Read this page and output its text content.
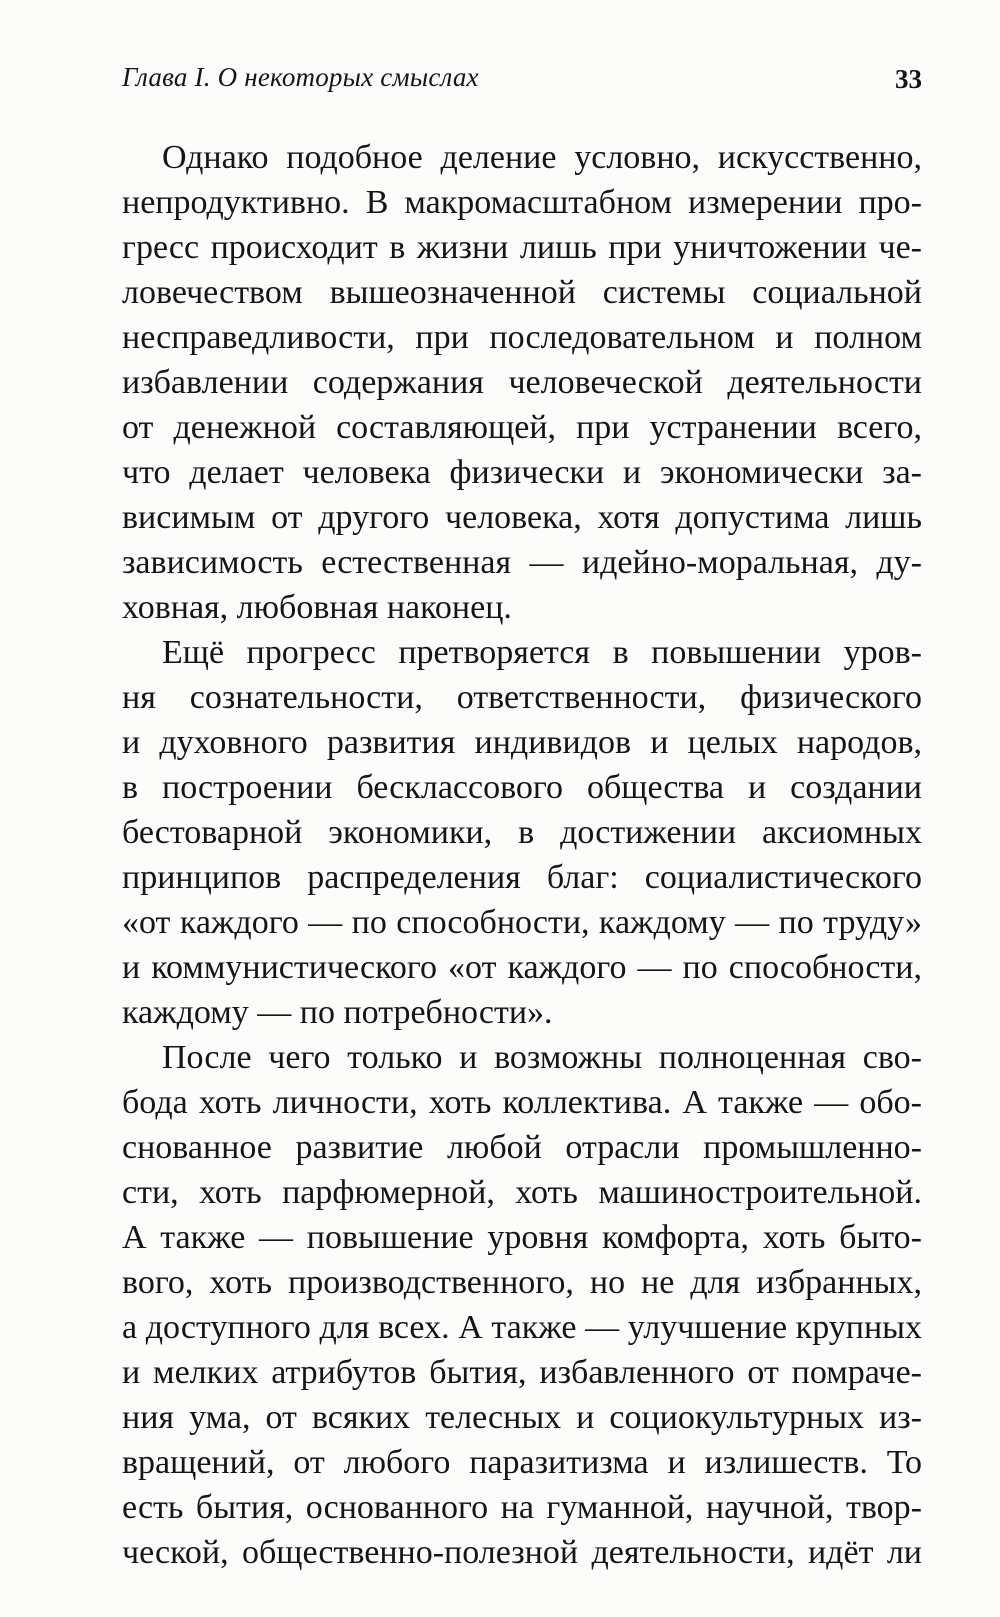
Глава I. О некоторых смыслах	33
Однако подобное деление условно, искусственно,
непродуктивно. В макромасштабном измерении про-
гресс происходит в жизни лишь при уничтожении че-
ловечеством вышеозначенной системы социальной
несправедливости, при последовательном и полном
избавлении содержания человеческой деятельности
от денежной составляющей, при устранении всего,
что делает человека физически и экономически за-
висимым от другого человека, хотя допустима лишь
зависимость естественная — идейно-моральная, ду-
ховная, любовная наконец.
Ещё прогресс претворяется в повышении уров-
ня сознательности, ответственности, физического
и духовного развития индивидов и целых народов,
в построении бесклассового общества и создании
бестоварной экономики, в достижении аксиомных
принципов распределения благ: социалистического
«от каждого — по способности, каждому — по труду»
и коммунистического «от каждого — по способности,
каждому — по потребности».
После чего только и возможны полноценная сво-
бода хоть личности, хоть коллектива. А также — обо-
снованное развитие любой отрасли промышленно-
сти, хоть парфюмерной, хоть машиностроительной.
А также — повышение уровня комфорта, хоть быто-
вого, хоть производственного, но не для избранных,
а доступного для всех. А также — улучшение крупных
и мелких атрибутов бытия, избавленного от помраче-
ния ума, от всяких телесных и социокультурных из-
вращений, от любого паразитизма и излишеств. То
есть бытия, основанного на гуманной, научной, твор-
ческой, общественно-полезной деятельности, идёт ли
